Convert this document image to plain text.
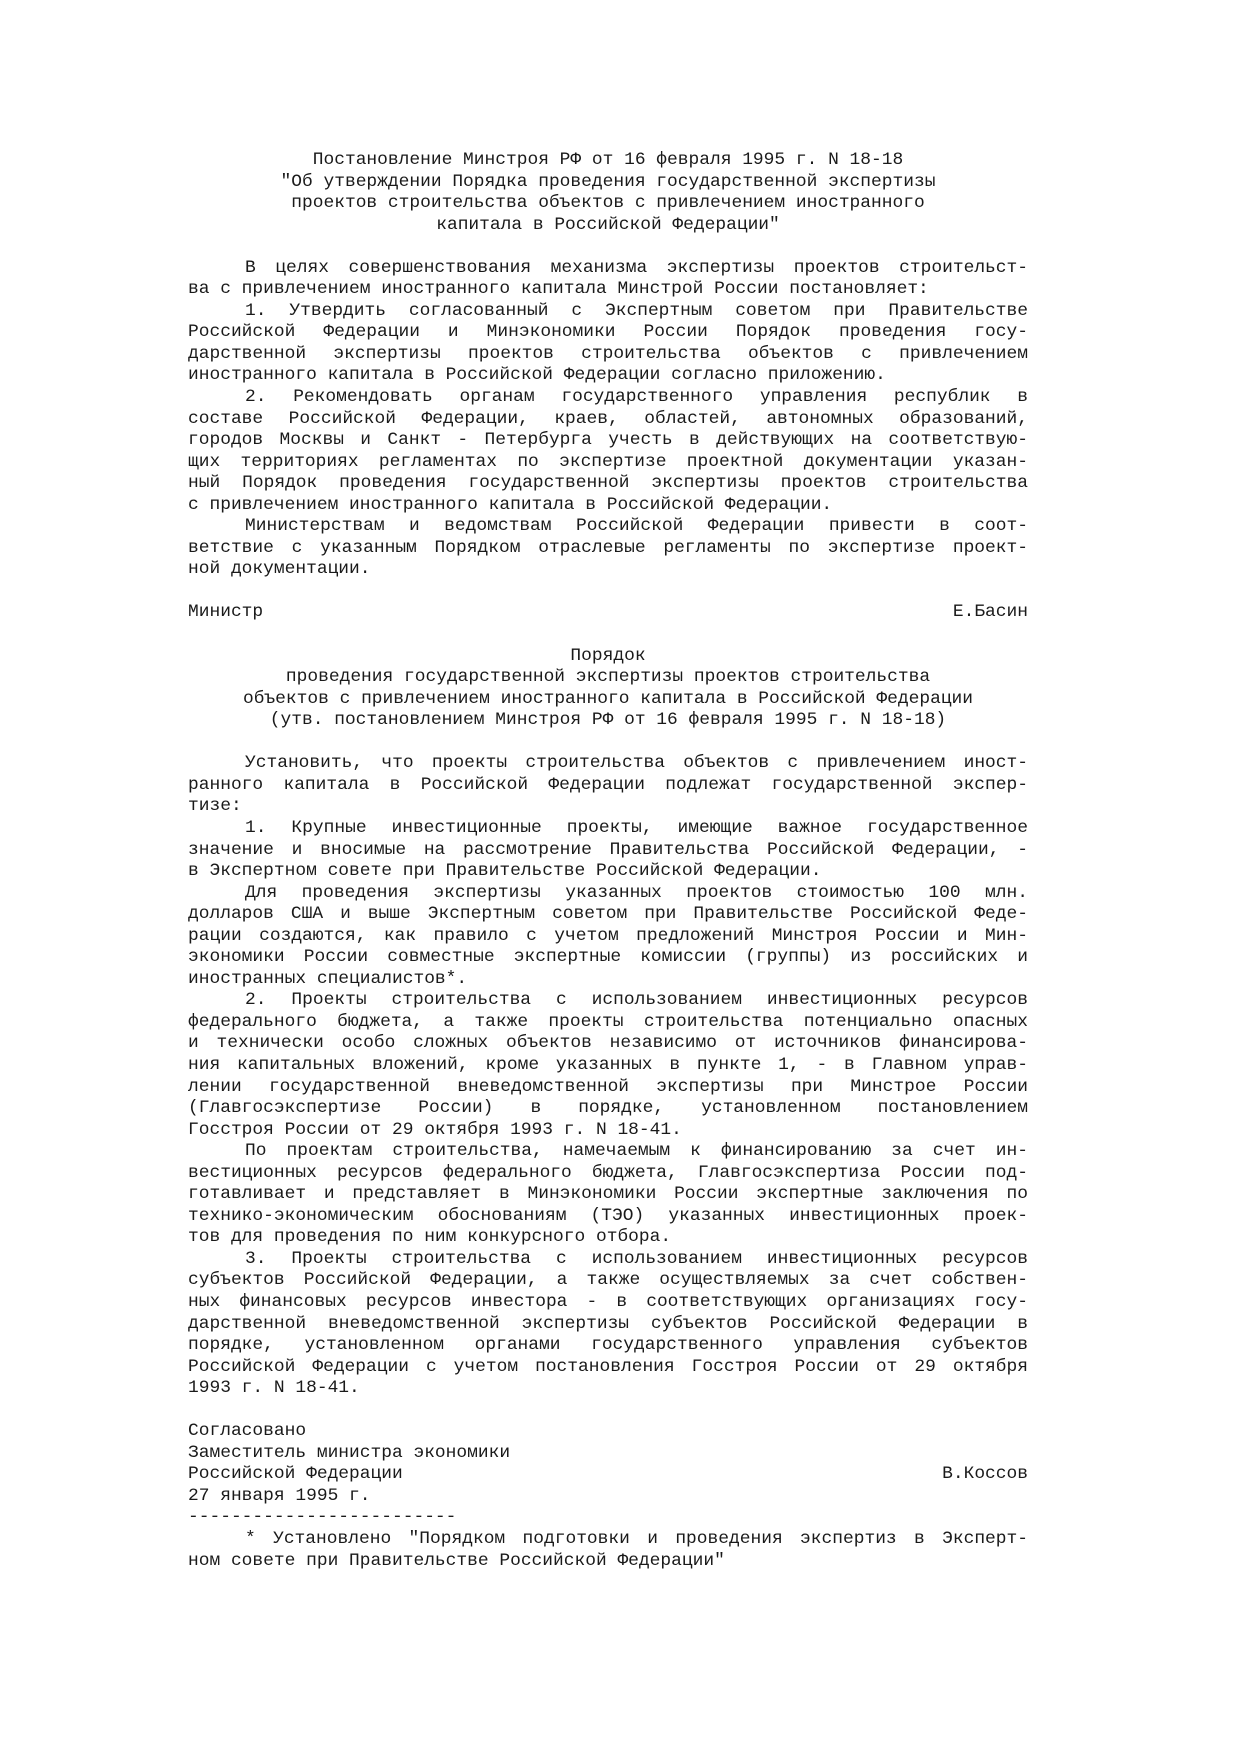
Постановление Минстроя РФ от 16 февраля 1995 г. N 18-18
"Об утверждении Порядка проведения государственной экспертизы
проектов строительства объектов с привлечением иностранного
капитала в Российской Федерации"
В целях совершенствования механизма экспертизы проектов строительст-
ва с привлечением иностранного капитала Минстрой России постановляет:
1. Утвердить согласованный с Экспертным советом при Правительстве
Российской Федерации и Минэкономики России Порядок проведения госу-
дарственной экспертизы проектов строительства объектов с привлечением
иностранного капитала в Российской Федерации согласно приложению.
2. Рекомендовать органам государственного управления республик в
составе Российской Федерации, краев, областей, автономных образований,
городов Москвы и Санкт - Петербурга учесть в действующих на соответствую-
щих территориях регламентах по экспертизе проектной документации указан-
ный Порядок проведения государственной экспертизы проектов строительства
с привлечением иностранного капитала в Российской Федерации.
Министерствам и ведомствам Российской Федерации привести в соот-
ветствие с указанным Порядком отраслевые регламенты по экспертизе проект-
ной документации.
Министр	Е.Басин
Порядок
проведения государственной экспертизы проектов строительства
объектов с привлечением иностранного капитала в Российской Федерации
(утв. постановлением Минстроя РФ от 16 февраля 1995 г. N 18-18)
Установить, что проекты строительства объектов с привлечением иност-
ранного капитала в Российской Федерации подлежат государственной экспер-
тизе:
1. Крупные инвестиционные проекты, имеющие важное государственное
значение и вносимые на рассмотрение Правительства Российской Федерации, -
в Экспертном совете при Правительстве Российской Федерации.
Для проведения экспертизы указанных проектов стоимостью 100 млн.
долларов США и выше Экспертным советом при Правительстве Российской Феде-
рации создаются, как правило с учетом предложений Минстроя России и Мин-
экономики России совместные экспертные комиссии (группы) из российских и
иностранных специалистов*.
2. Проекты строительства с использованием инвестиционных ресурсов
федерального бюджета, а также проекты строительства потенциально опасных
и технически особо сложных объектов независимо от источников финансирова-
ния капитальных вложений, кроме указанных в пункте 1, - в Главном управ-
лении государственной вневедомственной экспертизы при Минстрое России
(Главгосэкспертизе России) в порядке, установленном постановлением
Госстроя России от 29 октября 1993 г. N 18-41.
По проектам строительства, намечаемым к финансированию за счет ин-
вестиционных ресурсов федерального бюджета, Главгосэкспертиза России под-
готавливает и представляет в Минэкономики России экспертные заключения по
технико-экономическим обоснованиям (ТЭО) указанных инвестиционных проек-
тов для проведения по ним конкурсного отбора.
3. Проекты строительства с использованием инвестиционных ресурсов
субъектов Российской Федерации, а также осуществляемых за счет собствен-
ных финансовых ресурсов инвестора - в соответствующих организациях госу-
дарственной вневедомственной экспертизы субъектов Российской Федерации в
порядке, установленном органами государственного управления субъектов
Российской Федерации с учетом постановления Госстроя России от 29 октября
1993 г. N 18-41.
Согласовано
Заместитель министра экономики
Российской Федерации	В.Коссов
27 января 1995 г.
-------------------------
* Установлено "Порядком подготовки и проведения экспертиз в Эксперт-
ном совете при Правительстве Российской Федерации"
